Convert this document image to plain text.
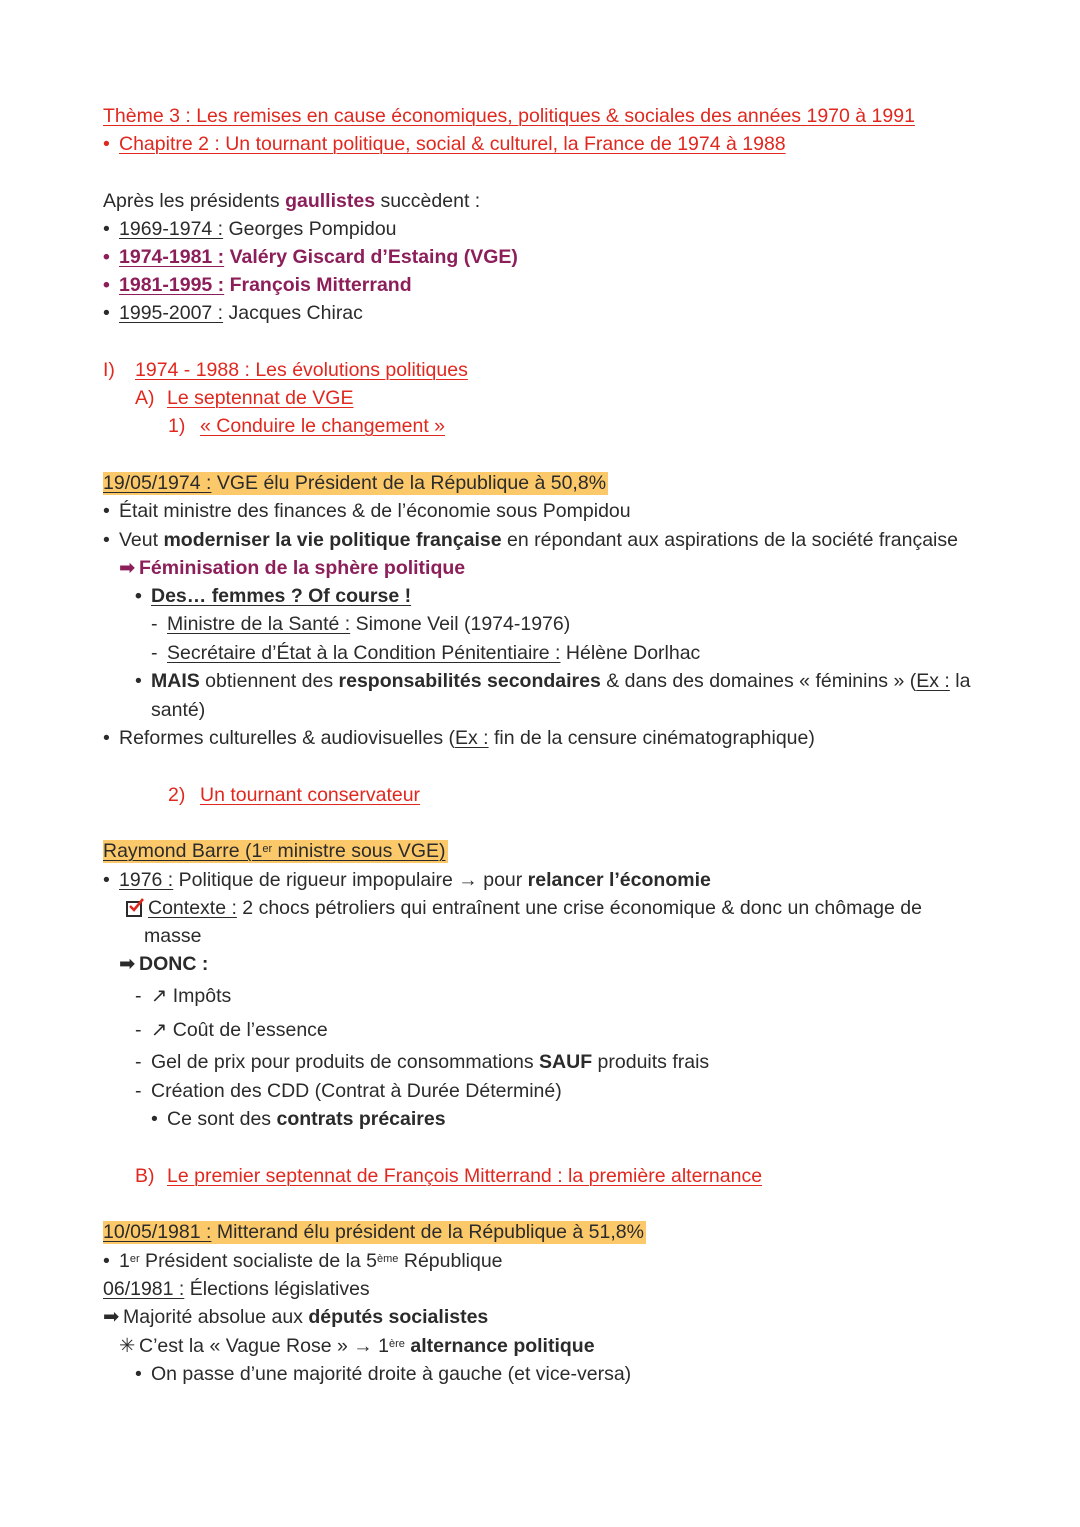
Thème 3 : Les remises en cause économiques, politiques & sociales des années 1970 à 1991
• Chapitre 2 : Un tournant politique, social & culturel, la France de 1974 à 1988
Après les présidents gaullistes succèdent :
• 1969-1974 : Georges Pompidou
• 1974-1981 : Valéry Giscard d’Estaing (VGE)
• 1981-1995 : François Mitterrand
• 1995-2007 : Jacques Chirac
I) 1974 - 1988 : Les évolutions politiques
A) Le septennat de VGE
1) « Conduire le changement »
19/05/1974 : VGE élu Président de la République à 50,8%
• Était ministre des finances & de l’économie sous Pompidou
• Veut moderniser la vie politique française en répondant aux aspirations de la société française
➡ Féminisation de la sphère politique
• Des… femmes ? Of course !
- Ministre de la Santé : Simone Veil (1974-1976)
- Secrétaire d’État à la Condition Pénitentiaire : Hélène Dorlhac
• MAIS obtiennent des responsabilités secondaires & dans des domaines « féminins » (Ex : la
santé)
• Reformes culturelles & audiovisuelles (Ex : fin de la censure cinématographique)
2) Un tournant conservateur
Raymond Barre (1er ministre sous VGE)
• 1976 : Politique de rigueur impopulaire → pour relancer l’économie
Contexte : 2 chocs pétroliers qui entraînent une crise économique & donc un chômage de
masse
➡ DONC :
- ↗ Impôts
- ↗ Coût de l’essence
- Gel de prix pour produits de consommations SAUF produits frais
- Création des CDD (Contrat à Durée Déterminé)
• Ce sont des contrats précaires
B) Le premier septennat de François Mitterrand : la première alternance
10/05/1981 : Mitterand élu président de la République à 51,8%
• 1er Président socialiste de la 5ème République
06/1981 : Élections législatives
➡ Majorité absolue aux députés socialistes
✳ C’est la « Vague Rose » → 1ère alternance politique
• On passe d’une majorité droite à gauche (et vice-versa)
